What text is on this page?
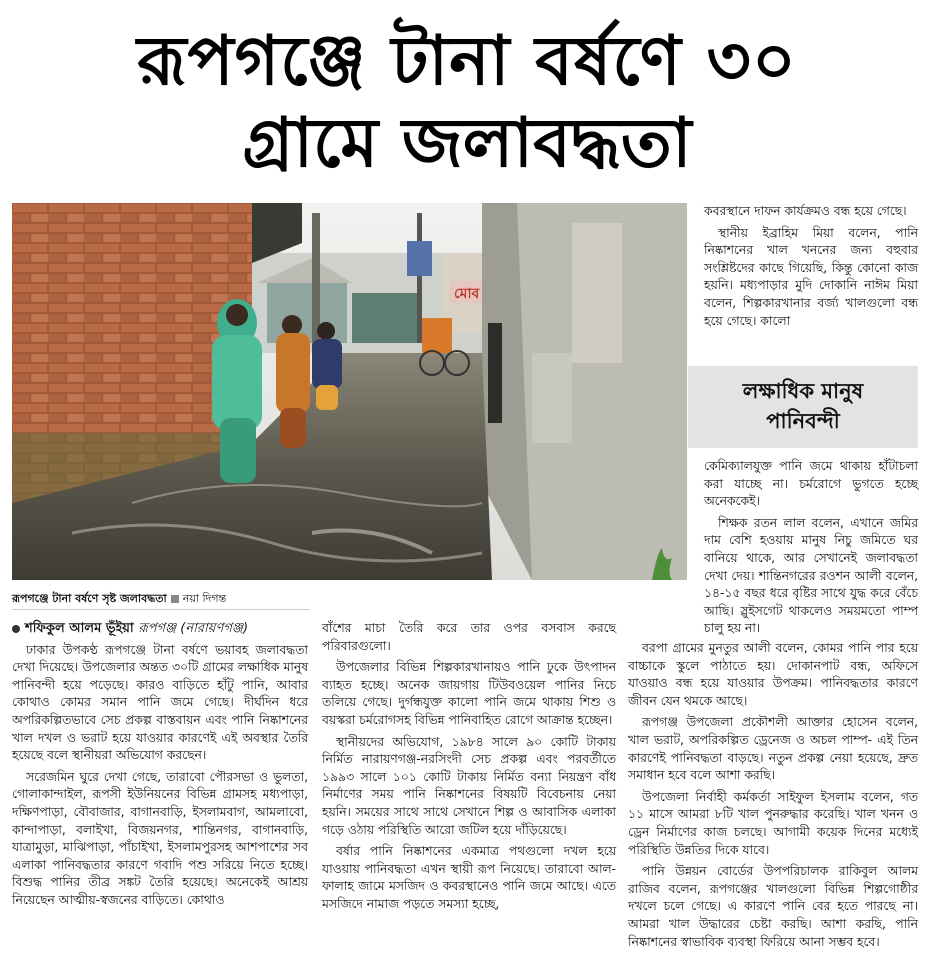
রূপগঞ্জে টানা বর্ষণে ৩০
গ্রামে জলাবদ্ধতা
মোব
রূপগঞ্জে টানা বর্ষণে সৃষ্ট জলাবদ্ধতা নয়া দিগন্ত

শফিকুল আলম ভূঁইয়া রূপগঞ্জ (নারায়ণগঞ্জ)

ঢাকার উপকণ্ঠ রূপগঞ্জে টানা বর্ষণে ভয়াবহ জলাবদ্ধতা দেখা দিয়েছে। উপজেলার অন্তত ৩০টি গ্রামের লক্ষাধিক মানুষ পানিবন্দী হয়ে পড়েছে। কারও বাড়িতে হাঁটু পানি, আবার কোথাও কোমর সমান পানি জমে গেছে। দীর্ঘদিন ধরে অপরিকল্পিতভাবে সেচ প্রকল্প বাস্তবায়ন এবং পানি নিষ্কাশনের খাল দখল ও ভরাট হয়ে যাওয়ার কারণেই এই অবস্থার তৈরি হয়েছে বলে স্থানীয়রা অভিযোগ করছেন।

সরেজমিন ঘুরে দেখা গেছে, তারাবো পৌরসভা ও ভুলতা, গোলাকান্দাইল, রূপসী ইউনিয়নের বিভিন্ন গ্রামসহ মধ্যপাড়া, দক্ষিণপাড়া, বৌবাজার, বাগানবাড়ি, ইসলামবাগ, আমলাবো, কান্দাপাড়া, বলাইখা, বিজয়নগর, শান্তিনগর, বাগানবাড়ি, যাত্রামুড়া, মাঝিপাড়া, পাঁচাইখা, ইসলামপুরসহ আশপাশের সব এলাকা পানিবদ্ধতার কারণে গবাদি পশু সরিয়ে নিতে হচ্ছে। বিশুদ্ধ পানির তীব্র সঙ্কট তৈরি হয়েছে। অনেকেই আশ্রয় নিয়েছেন আত্মীয়-স্বজনের বাড়িতে। কোথাও

বাঁশের মাচা তৈরি করে তার ওপর বসবাস করছে পরিবারগুলো।

উপজেলার বিভিন্ন শিল্পকারখানায়ও পানি ঢুকে উৎপাদন ব্যাহত হচ্ছে। অনেক জায়গায় টিউবওয়েল পানির নিচে তলিয়ে গেছে। দুর্গন্ধযুক্ত কালো পানি জমে থাকায় শিশু ও বয়স্করা চর্মরোগসহ বিভিন্ন পানিবাহিত রোগে আক্রান্ত হচ্ছেন।

স্থানীয়দের অভিযোগ, ১৯৮৪ সালে ৯০ কোটি টাকায় নির্মিত নারায়ণগঞ্জ-নরসিংদী সেচ প্রকল্প এবং পরবর্তীতে ১৯৯৩ সালে ১০১ কোটি টাকায় নির্মিত বন্যা নিয়ন্ত্রণ বাঁধ নির্মাণের সময় পানি নিষ্কাশনের বিষয়টি বিবেচনায় নেয়া হয়নি। সময়ের সাথে সাথে সেখানে শিল্প ও আবাসিক এলাকা গড়ে ওঠায় পরিস্থিতি আরো জটিল হয়ে দাঁড়িয়েছে।

বর্ষার পানি নিষ্কাশনের একমাত্র পথগুলো দখল হয়ে যাওয়ায় পানিবদ্ধতা এখন স্থায়ী রূপ নিয়েছে। তারাবো আল-ফালাহ জামে মসজিদ ও কবরস্থানেও পানি জমে আছে। এতে মসজিদে নামাজ পড়তে সমস্যা হচ্ছে,

কবরস্থানে দাফন কার্যক্রমও বন্ধ হয়ে গেছে।

স্থানীয় ইব্রাহিম মিয়া বলেন, পানি নিষ্কাশনের খাল খননের জন্য বহুবার সংশ্লিষ্টদের কাছে গিয়েছি, কিন্তু কোনো কাজ হয়নি। মধ্যপাড়ার মুদি দোকানি নাঈম মিয়া বলেন, শিল্পকারখানার বর্জ্য খালগুলো বন্ধ হয়ে গেছে। কালো

লক্ষাধিক মানুষ
পানিবন্দী

কেমিক্যালযুক্ত পানি জমে থাকায় হাঁটাচলা করা যাচ্ছে না। চর্মরোগে ভুগতে হচ্ছে অনেককেই।

শিক্ষক রতন লাল বলেন, এখানে জমির দাম বেশি হওয়ায় মানুষ নিচু জমিতে ঘর বানিয়ে থাকে, আর সেখানেই জলাবদ্ধতা দেখা দেয়। শান্তিনগরের রওশন আলী বলেন, ১৪-১৫ বছর ধরে বৃষ্টির সাথে যুদ্ধ করে বেঁচে আছি। স্লুইসগেট থাকলেও সময়মতো পাম্প চালু হয় না।

বরপা গ্রামের মুনতুর আলী বলেন, কোমর পানি পার হয়ে বাচ্চাকে স্কুলে পাঠাতে হয়। দোকানপাট বন্ধ, অফিসে যাওয়াও বন্ধ হয়ে যাওয়ার উপক্রম। পানিবদ্ধতার কারণে জীবন যেন থমকে আছে।

রূপগঞ্জ উপজেলা প্রকৌশলী আক্তার হোসেন বলেন, খাল ভরাট, অপরিকল্পিত ড্রেনেজ ও অচল পাম্প- এই তিন কারণেই পানিবদ্ধতা বাড়ছে। নতুন প্রকল্প নেয়া হয়েছে, দ্রুত সমাধান হবে বলে আশা করছি।

উপজেলা নির্বাহী কর্মকর্তা সাইফুল ইসলাম বলেন, গত ১১ মাসে আমরা ৮টি খাল পুনরুদ্ধার করেছি। খাল খনন ও ড্রেন নির্মাণের কাজ চলছে। আগামী কয়েক দিনের মধ্যেই পরিস্থিতি উন্নতির দিকে যাবে।

পানি উন্নয়ন বোর্ডের উপপরিচালক রাকিবুল আলম রাজিব বলেন, রূপগঞ্জের খালগুলো বিভিন্ন শিল্পগোষ্ঠীর দখলে চলে গেছে। এ কারণে পানি বের হতে পারছে না। আমরা খাল উদ্ধারের চেষ্টা করছি। আশা করছি, পানি নিষ্কাশনের স্বাভাবিক ব্যবস্থা ফিরিয়ে আনা সম্ভব হবে।
